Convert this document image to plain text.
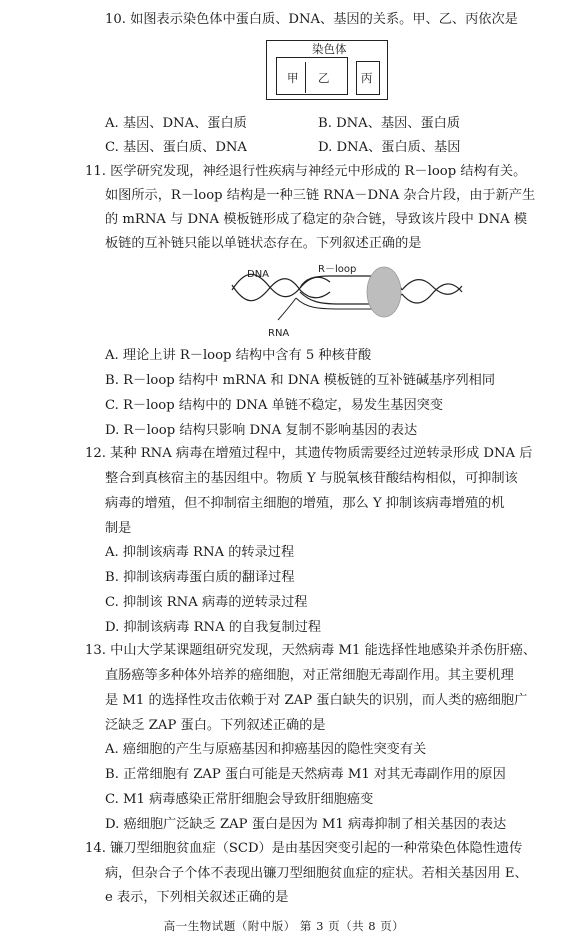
10. 如图表示染色体中蛋白质、DNA、基因的关系。甲、乙、丙依次是
染色体
甲 乙	丙
A. 基因、DNA、蛋白质	B. DNA、基因、蛋白质
C. 基因、蛋白质、DNA	D. DNA、蛋白质、基因
11. 医学研究发现，神经退行性疾病与神经元中形成的 R－loop 结构有关。
如图所示，R－loop 结构是一种三链 RNA－DNA 杂合片段，由于新产生
的 mRNA 与 DNA 模板链形成了稳定的杂合链，导致该片段中 DNA 模
板链的互补链只能以单链状态存在。下列叙述正确的是
DNA	R－loop
RNA
A. 理论上讲 R－loop 结构中含有 5 种核苷酸
B. R－loop 结构中 mRNA 和 DNA 模板链的互补链碱基序列相同
C. R－loop 结构中的 DNA 单链不稳定，易发生基因突变
D. R－loop 结构只影响 DNA 复制不影响基因的表达
12. 某种 RNA 病毒在增殖过程中，其遗传物质需要经过逆转录形成 DNA 后
整合到真核宿主的基因组中。物质 Y 与脱氧核苷酸结构相似，可抑制该
病毒的增殖，但不抑制宿主细胞的增殖，那么 Y 抑制该病毒增殖的机
制是
A. 抑制该病毒 RNA 的转录过程
B. 抑制该病毒蛋白质的翻译过程
C. 抑制该 RNA 病毒的逆转录过程
D. 抑制该病毒 RNA 的自我复制过程
13. 中山大学某课题组研究发现，天然病毒 M1 能选择性地感染并杀伤肝癌、
直肠癌等多种体外培养的癌细胞，对正常细胞无毒副作用。其主要机理
是 M1 的选择性攻击依赖于对 ZAP 蛋白缺失的识别，而人类的癌细胞广
泛缺乏 ZAP 蛋白。下列叙述正确的是
A. 癌细胞的产生与原癌基因和抑癌基因的隐性突变有关
B. 正常细胞有 ZAP 蛋白可能是天然病毒 M1 对其无毒副作用的原因
C. M1 病毒感染正常肝细胞会导致肝细胞癌变
D. 癌细胞广泛缺乏 ZAP 蛋白是因为 M1 病毒抑制了相关基因的表达
14. 镰刀型细胞贫血症（SCD）是由基因突变引起的一种常染色体隐性遗传
病，但杂合子个体不表现出镰刀型细胞贫血症的症状。若相关基因用 E、
e 表示，下列相关叙述正确的是
高一生物试题（附中版） 第 3 页（共 8 页）
